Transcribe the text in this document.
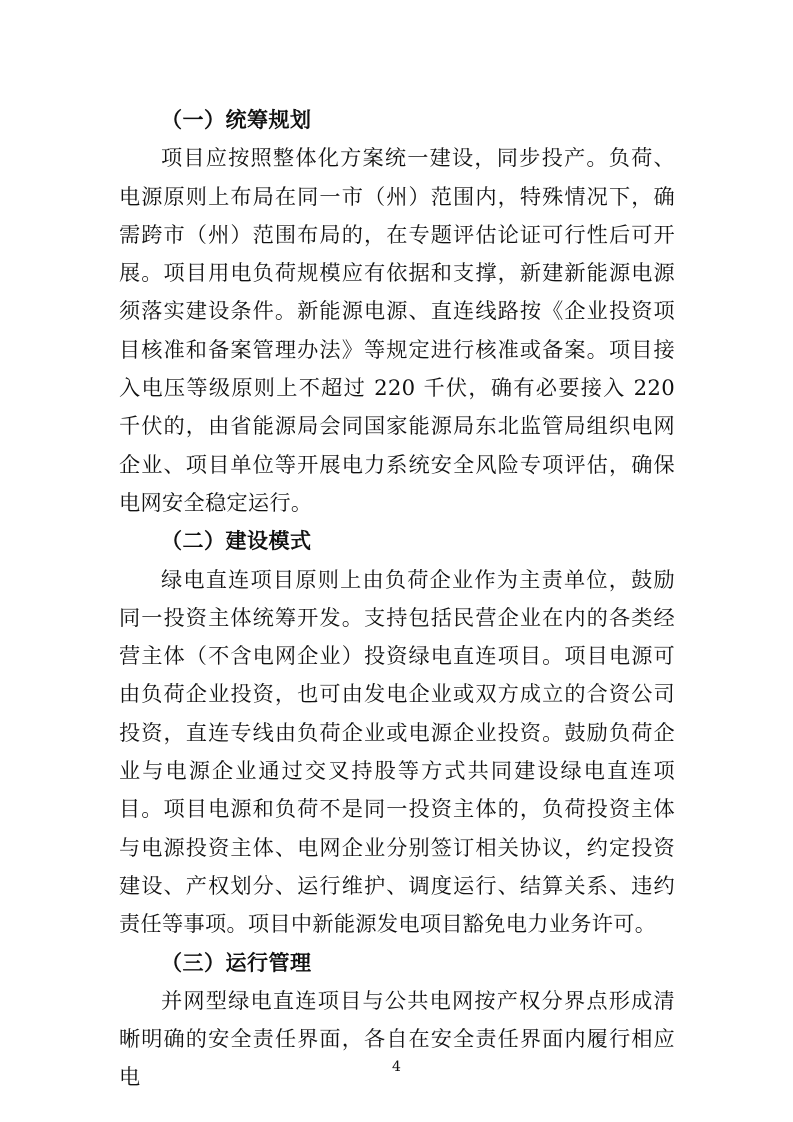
（一）统筹规划

项目应按照整体化方案统一建设，同步投产。负荷、电源原则上布局在同一市（州）范围内，特殊情况下，确需跨市（州）范围布局的，在专题评估论证可行性后可开展。项目用电负荷规模应有依据和支撑，新建新能源电源须落实建设条件。新能源电源、直连线路按《企业投资项目核准和备案管理办法》等规定进行核准或备案。项目接入电压等级原则上不超过 220 千伏，确有必要接入 220 千伏的，由省能源局会同国家能源局东北监管局组织电网企业、项目单位等开展电力系统安全风险专项评估，确保电网安全稳定运行。

（二）建设模式

绿电直连项目原则上由负荷企业作为主责单位，鼓励同一投资主体统筹开发。支持包括民营企业在内的各类经营主体（不含电网企业）投资绿电直连项目。项目电源可由负荷企业投资，也可由发电企业或双方成立的合资公司投资，直连专线由负荷企业或电源企业投资。鼓励负荷企业与电源企业通过交叉持股等方式共同建设绿电直连项目。项目电源和负荷不是同一投资主体的，负荷投资主体与电源投资主体、电网企业分别签订相关协议，约定投资建设、产权划分、运行维护、调度运行、结算关系、违约责任等事项。项目中新能源发电项目豁免电力业务许可。

（三）运行管理

并网型绿电直连项目与公共电网按产权分界点形成清晰明确的安全责任界面，各自在安全责任界面内履行相应电	4
